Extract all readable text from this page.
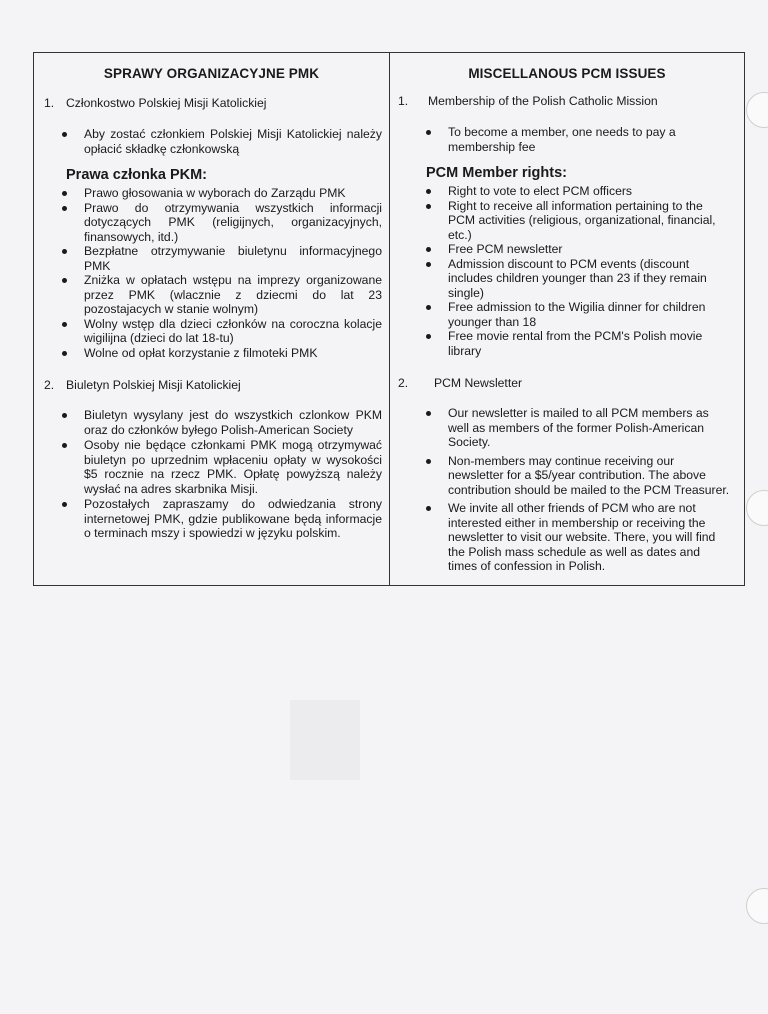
SPRAWY ORGANIZACYJNE PMK
1. Członkostwo Polskiej Misji Katolickiej
Aby zostać członkiem Polskiej Misji Katolickiej należy opłacić składkę członkowską
Prawa członka PKM:
Prawo głosowania w wyborach do Zarządu PMK
Prawo do otrzymywania wszystkich informacji dotyczących PMK (religijnych, organizacyjnych, finansowych, itd.)
Bezpłatne otrzymywanie biuletynu informacyjnego PMK
Zniżka w opłatach wstępu na imprezy organizowane przez PMK (wlacznie z dziecmi do lat 23 pozostajacych w stanie wolnym)
Wolny wstęp dla dzieci członków na coroczna kolacje wigilijna (dzieci do lat 18-tu)
Wolne od opłat korzystanie z filmoteki PMK
2. Biuletyn Polskiej Misji Katolickiej
Biuletyn wysylany jest do wszystkich czlonkow PKM oraz do członków byłego Polish-American Society
Osoby nie będące członkami PMK mogą otrzymywać biuletyn po uprzednim wpłaceniu opłaty w wysokości $5 rocznie na rzecz PMK. Opłatę powyższą należy wysłać na adres skarbnika Misji.
Pozostałych zapraszamy do odwiedzania strony internetowej PMK, gdzie publikowane będą informacje o terminach mszy i spowiedzi w języku polskim.
MISCELLANOUS PCM ISSUES
1.	Membership of the Polish Catholic Mission
To become a member, one needs to pay a membership fee
PCM Member rights:
Right to vote to elect PCM officers
Right to receive all information pertaining to the PCM activities (religious, organizational, financial, etc.)
Free PCM newsletter
Admission discount to PCM events (discount includes children younger than 23 if they remain single)
Free admission to the Wigilia dinner for children younger than 18
Free movie rental from the PCM's Polish movie library
2.	PCM Newsletter
Our newsletter is mailed to all PCM members as well as members of the former Polish-American Society.
Non-members may continue receiving our newsletter for a $5/year contribution. The above contribution should be mailed to the PCM Treasurer.
We invite all other friends of PCM who are not interested either in membership or receiving the newsletter to visit our website. There, you will find the Polish mass schedule as well as dates and times of confession in Polish.
